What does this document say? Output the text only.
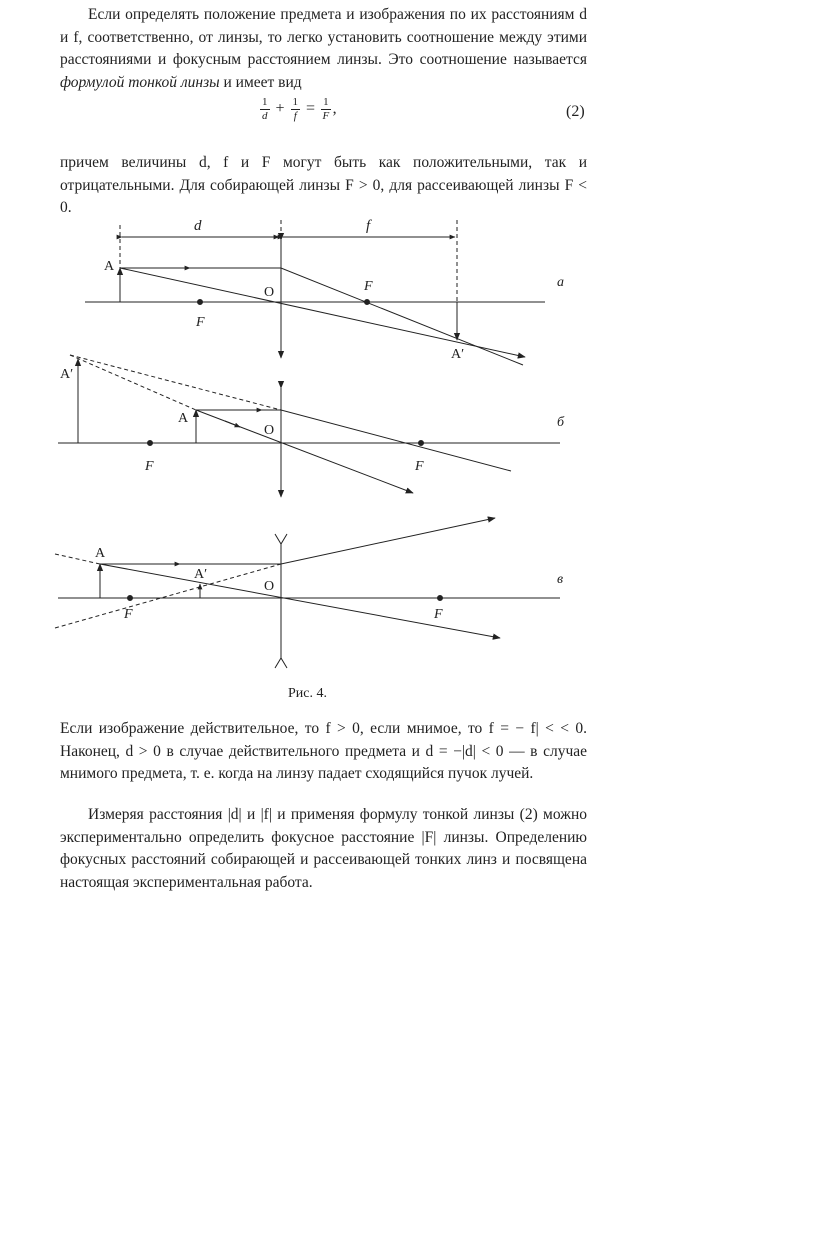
Если определять положение предмета и изображения по их расстояниям d и f, соответственно, от линзы, то легко установить соотношение между этими расстояниями и фокусным расстоянием линзы. Это соотношение называется формулой тонкой линзы и имеет вид
$\frac{1}{d} + \frac{1}{f} = \frac{1}{F}$ ,	(2)
причем величины d, f и F могут быть как положительными, так и отрицательными. Для собирающей линзы F > 0, для рассеивающей линзы F < 0.
d	f
A
O
F
F
A′
а
A′
A
O
F	F
б
A
A′
O
F	F
в
Рис. 4.
Если изображение действительное, то f > 0, если мнимое, то f = − f| < < 0. Наконец, d > 0 в случае действительного предмета и d = −|d| < 0 — в случае мнимого предмета, т. е. когда на линзу падает сходящийся пучок лучей.
Измеряя расстояния |d| и |f| и применяя формулу тонкой линзы (2) можно экспериментально определить фокусное расстояние |F| линзы. Определению фокусных расстояний собирающей и рассеивающей тонких линз и посвящена настоящая экспериментальная работа.
